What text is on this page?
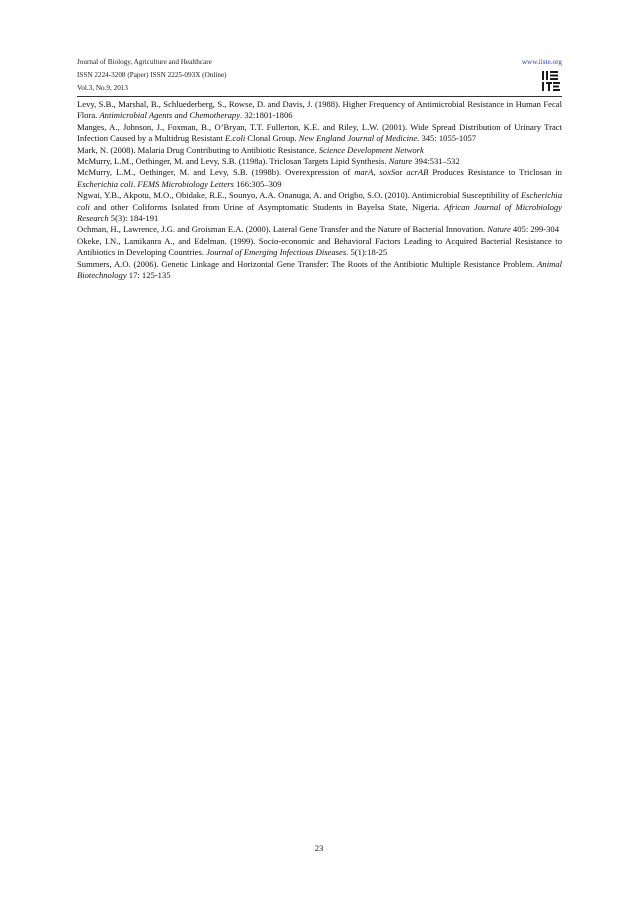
Journal of Biology, Agriculture and Healthcare
ISSN 2224-3208 (Paper) ISSN 2225-093X (Online)
Vol.3, No.9, 2013
www.iiste.org

Levy, S.B., Marshal, B., Schluederberg, S., Rowse, D. and Davis, J. (1988). Higher Frequency of Antimicrobial Resistance in Human Fecal Flora. Antimicrobial Agents and Chemotherapy. 32:1801-1806

Manges, A., Johnson, J., Foxman, B., O’Bryan, T.T. Fullerton, K.E. and Riley, L.W. (2001). Wide Spread Distribution of Urinary Tract Infection Caused by a Multidrug Resistant E.coli Clonal Group. New England Journal of Medicine. 345: 1055-1057

Mark, N. (2008). Malaria Drug Contributing to Antibiotic Resistance. Science Development Network

McMurry, L.M., Oethinger, M. and Levy, S.B. (1198a). Triclosan Targets Lipid Synthesis. Nature 394:531–532

McMurry, L.M., Oethinger, M. and Levy, S.B. (1998b). Overexpression of marA, soxSor acrAB Produces Resistance to Triclosan in Escherichia coli. FEMS Microbiology Letters 166:305–309

Ngwai, Y.B., Akpotu, M.O., Obidake, R.E., Sounyo, A.A. Onanuga, A. and Origbo, S.O. (2010). Antimicrobial Susceptibility of Escherichia coli and other Coliforms Isolated from Urine of Asymptomatic Students in Bayelsa State, Nigeria. African Journal of Microbiology Research 5(3): 184-191

Ochman, H., Lawrence, J.G. and Groisman E.A. (2000). Lateral Gene Transfer and the Nature of Bacterial Innovation. Nature 405: 299-304

Okeke, I.N., Lamikanra A., and Edelman. (1999). Socio-economic and Behavioral Factors Leading to Acquired Bacterial Resistance to Antibiotics in Developing Countries. Journal of Emerging Infectious Diseases. 5(1):18-25

Summers, A.O. (2006). Genetic Linkage and Horizontal Gene Transfer: The Roots of the Antibiotic Multiple Resistance Problem. Animal Biotechnology 17: 125-135

23
